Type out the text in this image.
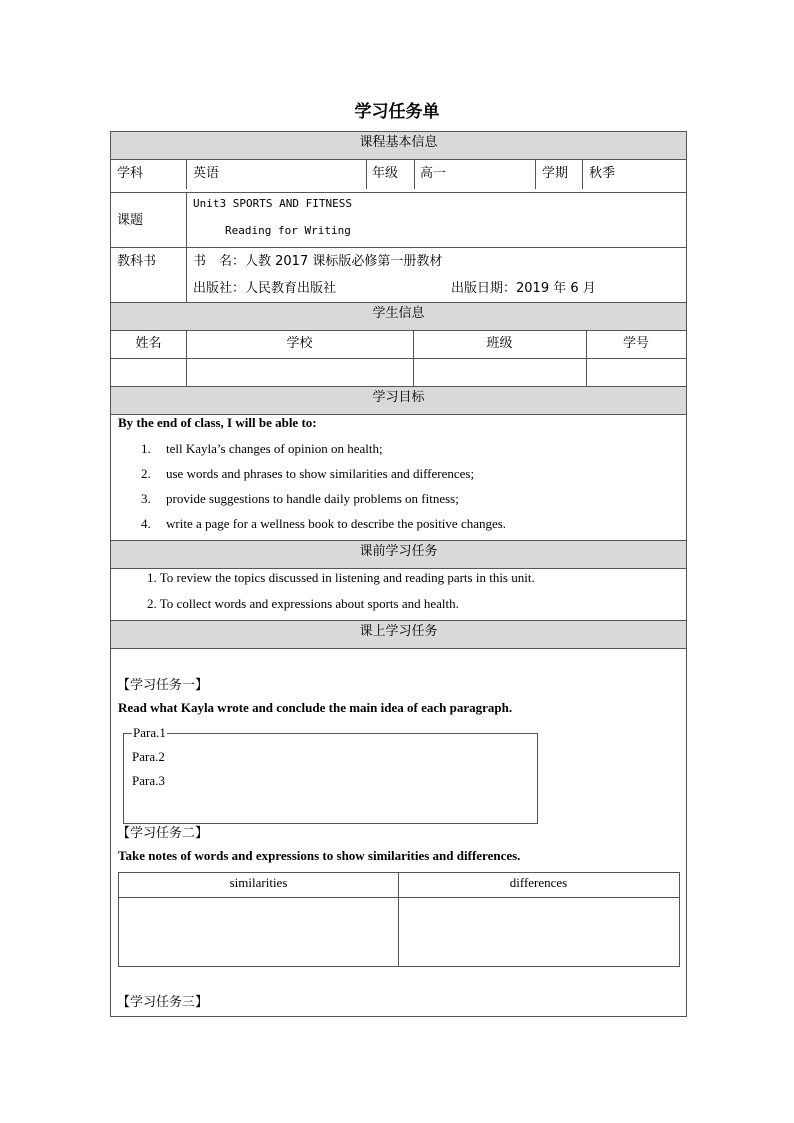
学习任务单
课程基本信息
学科	英语	年级 高一	学期 秋季
课题
Unit3 SPORTS AND FITNESS
Reading for Writing
教科书	书　名：人教 2017 课标版必修第一册教材
出版社：人民教育出版社	出版日期：2019 年 6 月
学生信息
姓名	学校	班级	学号
学习目标
By the end of class, I will be able to:
1.	tell Kayla’s changes of opinion on health;
2.	use words and phrases to show similarities and differences;
3.	provide suggestions to handle daily problems on fitness;
4.	write a page for a wellness book to describe the positive changes.
课前学习任务
1. To review the topics discussed in listening and reading parts in this unit.
2. To collect words and expressions about sports and health.
课上学习任务
【学习任务一】
Read what Kayla wrote and conclude the main idea of each paragraph.
Para.1
Para.2
Para.3
【学习任务二】
Take notes of words and expressions to show similarities and differences.
similarities	differences
【学习任务三】
